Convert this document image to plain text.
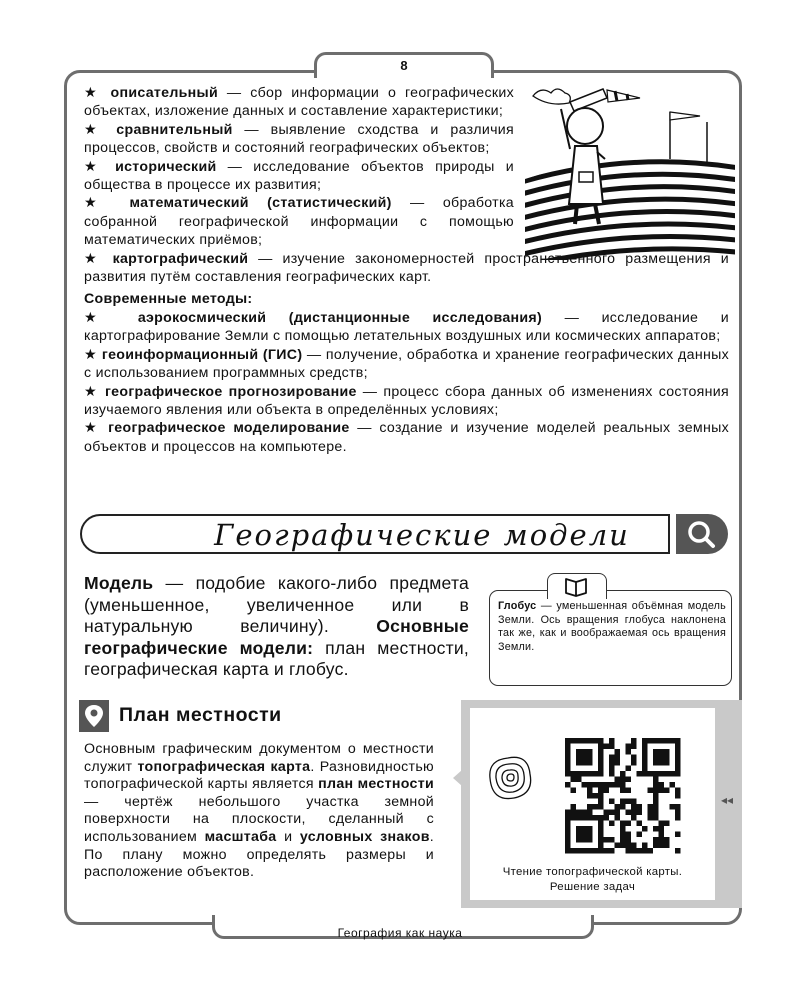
8
География как наука

★ описательный — сбор информации о географических объектах, изложение данных и составление характеристики;

★ сравнительный — выявление сходства и различия процессов, свойств и состояний географических объектов;

★ исторический — исследование объектов природы и общества в процессе их развития;

★ математический (статистический) — обработка собранной географической информации с помощью математических приёмов;

★ картографический — изучение закономерностей пространственного размещения и развития путём составления географических карт.

Современные методы:

★ аэрокосмический (дистанционные исследования) — исследование и картографирование Земли с помощью летательных воздушных или космических аппаратов;

★ геоинформационный (ГИС) — получение, обработка и хранение географических данных с использованием программных средств;

★ географическое прогнозирование — процесс сбора данных об изменениях состояния изучаемого явления или объекта в определённых условиях;

★ географическое моделирование — создание и изучение моделей реальных земных объектов и процессов на компьютере.

Географические модели

Модель — подобие какого-либо предмета (уменьшенное, увеличенное или в натуральную величину). Основные географические модели: план местности, географическая карта и глобус.

Глобус — уменьшенная объёмная модель Земли. Ось вращения глобуса наклонена так же, как и воображаемая ось вращения Земли.

План местности

Основным графическим документом о местности служит топографическая карта. Разновидностью топографической карты является план местности — чертёж небольшого участка земной поверхности на плоскости, сделанный с использованием масштаба и условных знаков. По плану можно определять размеры и расположение объектов.	Чтение топографической карты.
Решение задач
◂◂
